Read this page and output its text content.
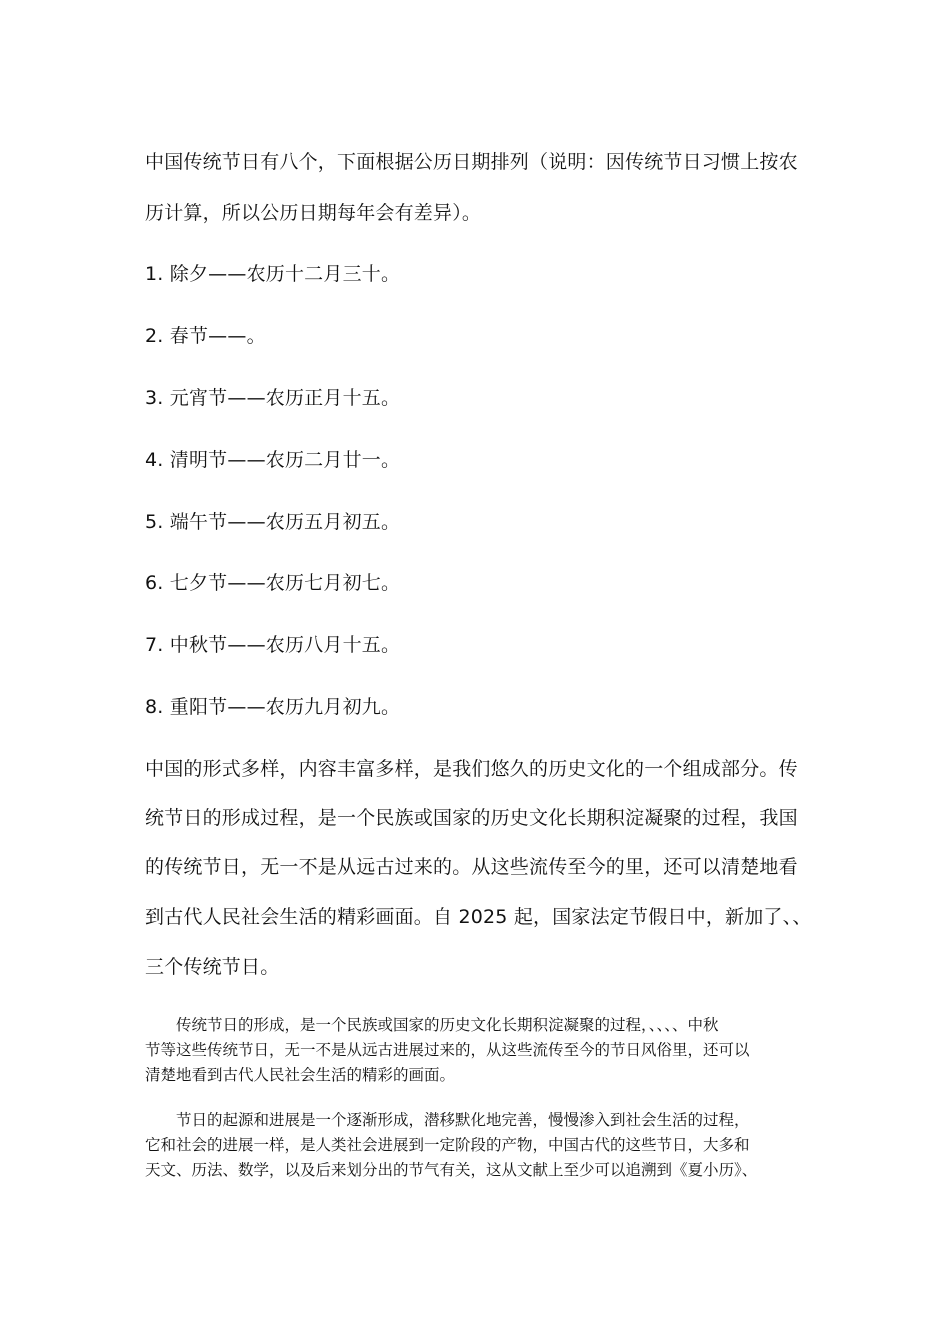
中国传统节日有八个，下面根据公历日期排列（说明：因传统节日习惯上按农
历计算，所以公历日期每年会有差异）。
1. 除夕——农历十二月三十。
2. 春节——。
3. 元宵节——农历正月十五。
4. 清明节——农历二月廿一。
5. 端午节——农历五月初五。
6. 七夕节——农历七月初七。
7. 中秋节——农历八月十五。
8. 重阳节——农历九月初九。
中国的形式多样，内容丰富多样，是我们悠久的历史文化的一个组成部分。传
统节日的形成过程，是一个民族或国家的历史文化长期积淀凝聚的过程，我国
的传统节日，无一不是从远古过来的。从这些流传至今的里，还可以清楚地看
到古代人民社会生活的精彩画面。自 2025 起，国家法定节假日中，新加了、、
三个传统节日。
传统节日的形成，是一个民族或国家的历史文化长期积淀凝聚的过程，、、、、中秋
节等这些传统节日，无一不是从远古进展过来的，从这些流传至今的节日风俗里，还可以
清楚地看到古代人民社会生活的精彩的画面。
节日的起源和进展是一个逐渐形成，潜移默化地完善，慢慢渗入到社会生活的过程，
它和社会的进展一样，是人类社会进展到一定阶段的产物，中国古代的这些节日，大多和
天文、历法、数学，以及后来划分出的节气有关，这从文献上至少可以追溯到《夏小历》、
